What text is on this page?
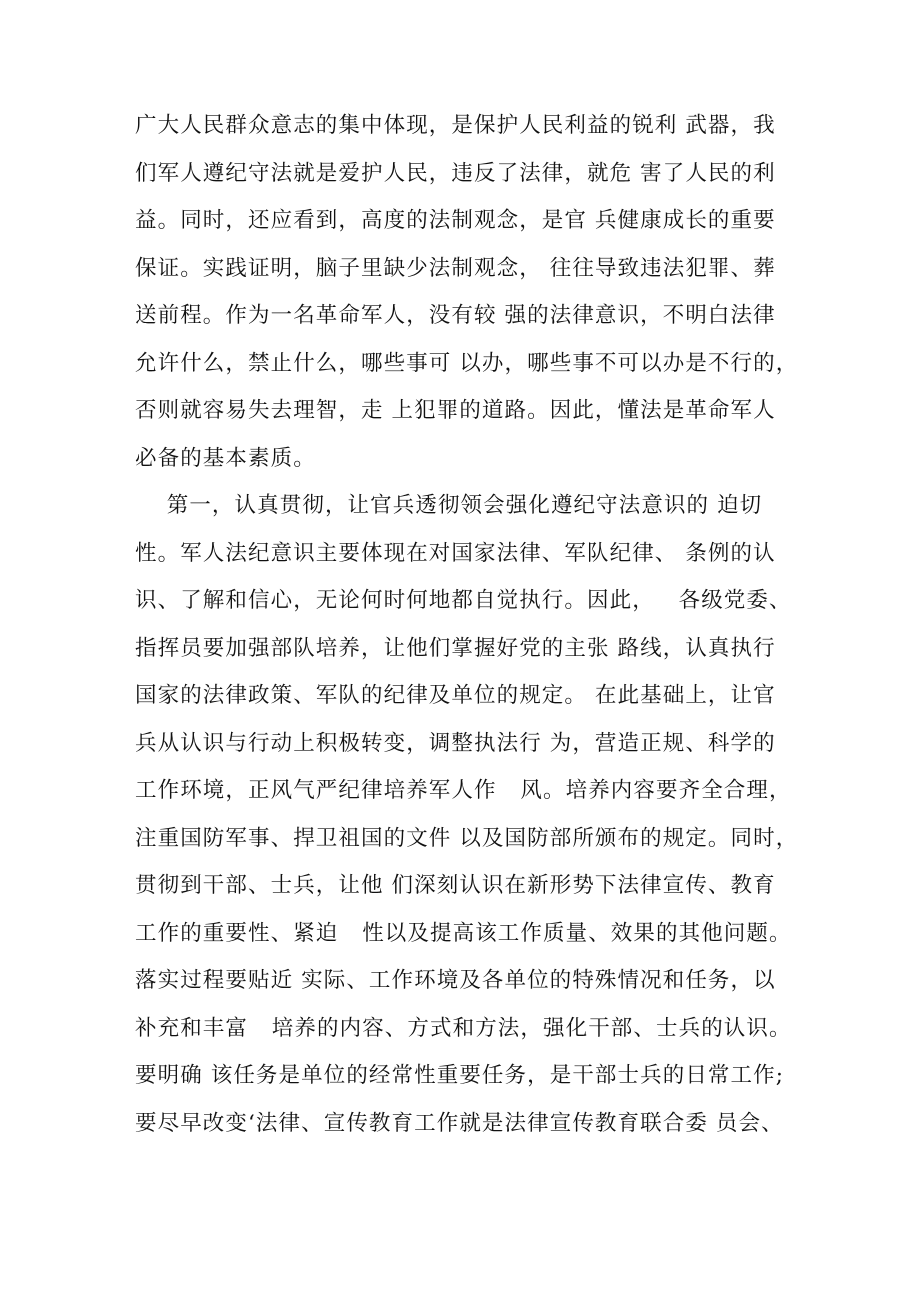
广大人民群众意志的集中体现，是保护人民利益的锐利 武器，我
们军人遵纪守法就是爱护人民，违反了法律，就危 害了人民的利
益。同时，还应看到，高度的法制观念，是官 兵健康成长的重要
保证。实践证明，脑子里缺少法制观念， 往往导致违法犯罪、葬
送前程。作为一名革命军人，没有较 强的法律意识，不明白法律
允许什么，禁止什么，哪些事可 以办，哪些事不可以办是不行的，
否则就容易失去理智，走 上犯罪的道路。因此，懂法是革命军人
必备的基本素质。
第一，认真贯彻，让官兵透彻领会强化遵纪守法意识的 迫切
性。军人法纪意识主要体现在对国家法律、军队纪律、 条例的认
识、了解和信心，无论何时何地都自觉执行。因此，   各级党委、
指挥员要加强部队培养，让他们掌握好党的主张 路线，认真执行
国家的法律政策、军队的纪律及单位的规定。 在此基础上，让官
兵从认识与行动上积极转变，调整执法行 为，营造正规、科学的
工作环境，正风气严纪律培养军人作   风。培养内容要齐全合理，
注重国防军事、捍卫祖国的文件 以及国防部所颁布的规定。同时，
贯彻到干部、士兵，让他 们深刻认识在新形势下法律宣传、教育
工作的重要性、紧迫   性以及提高该工作质量、效果的其他问题。
落实过程要贴近 实际、工作环境及各单位的特殊情况和任务，以
补充和丰富   培养的内容、方式和方法，强化干部、士兵的认识。
要明确 该任务是单位的经常性重要任务，是干部士兵的日常工作;
要尽早改变‘法律、宣传教育工作就是法律宣传教育联合委 员会、
